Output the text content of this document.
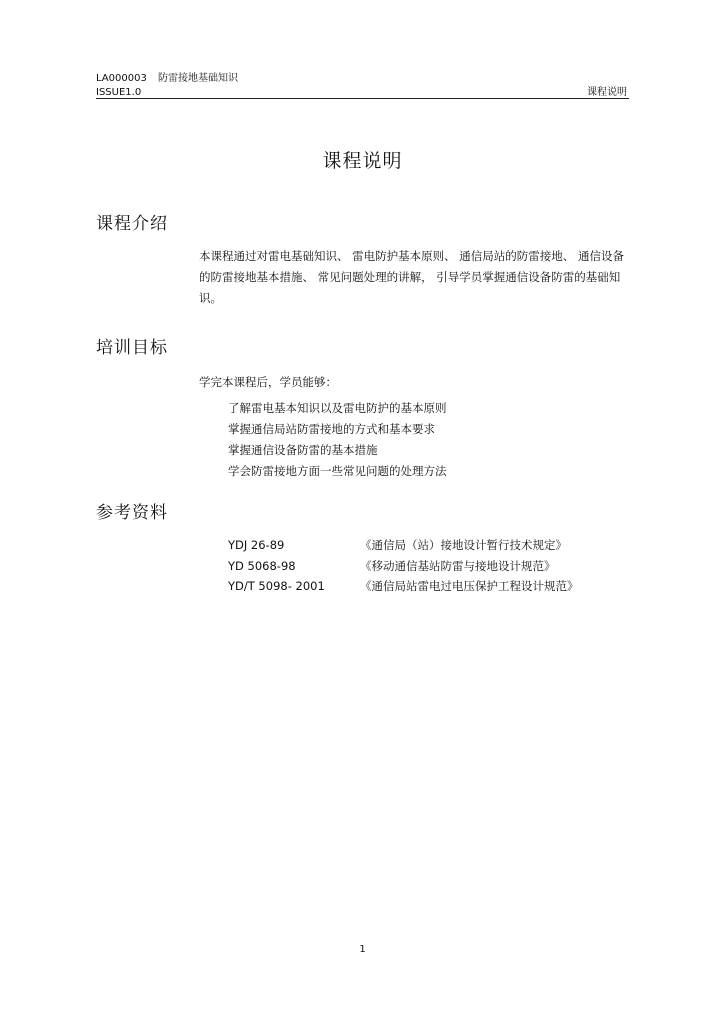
LA000003 防雷接地基础知识
ISSUE1.0	课程说明
课程说明
课程介绍

本课程通过对雷电基础知识、 雷电防护基本原则、 通信局站的防雷接地、 通信设备的防雷接地基本措施、 常见问题处理的讲解， 引导学员掌握通信设备防雷的基础知识。

培训目标
学完本课程后，学员能够：
了解雷电基本知识以及雷电防护的基本原则
掌握通信局站防雷接地的方式和基本要求
掌握通信设备防雷的基本措施
学会防雷接地方面一些常见问题的处理方法
参考资料
YDJ 26-89	《通信局（站）接地设计暂行技术规定》
YD 5068-98	《移动通信基站防雷与接地设计规范》
YD/T 5098- 2001	《通信局站雷电过电压保护工程设计规范》
1
